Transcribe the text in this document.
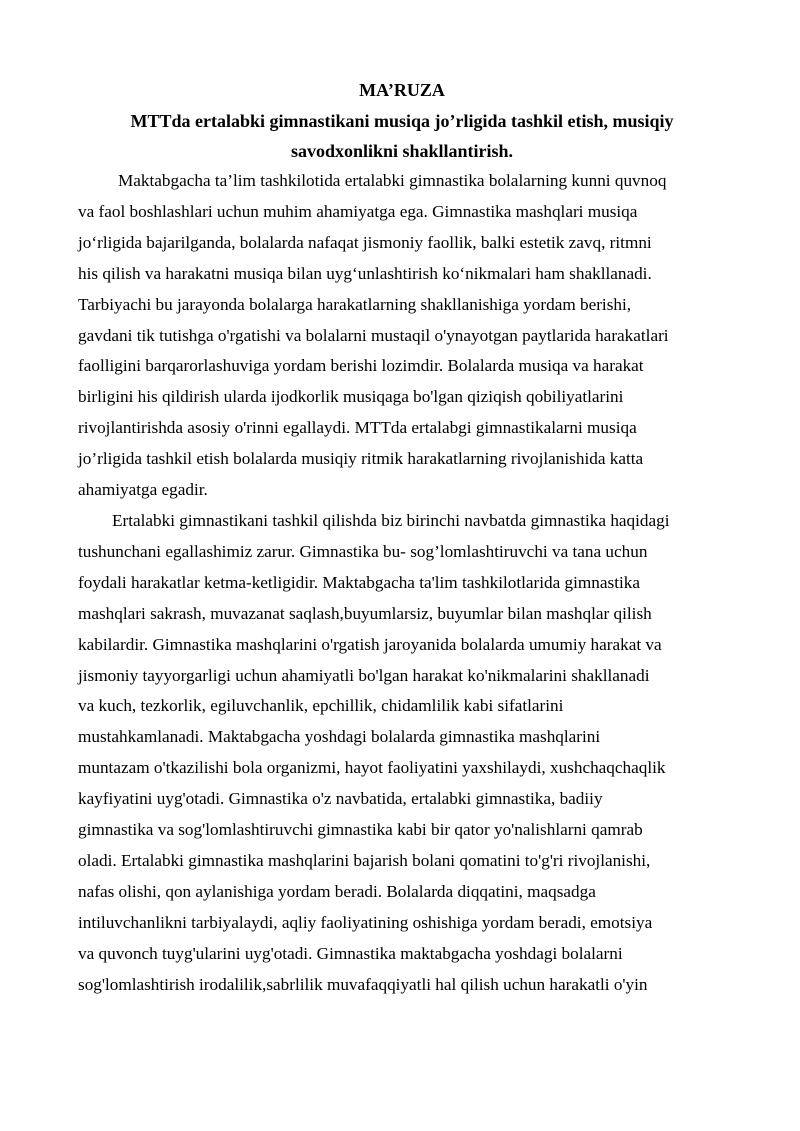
MA’RUZA

MTTda ertalabki gimnastikani musiqa jo’rligida tashkil etish, musiqiy
savodxonlikni shakllantirish.

Maktabgacha ta’lim tashkilotida ertalabki gimnastika bolalarning kunni quvnoq
va faol boshlashlari uchun muhim ahamiyatga ega. Gimnastika mashqlari musiqa
jo‘rligida bajarilganda, bolalarda nafaqat jismoniy faollik, balki estetik zavq, ritmni
his qilish va harakatni musiqa bilan uyg‘unlashtirish ko‘nikmalari ham shakllanadi.
Tarbiyachi bu jarayonda bolalarga harakatlarning shakllanishiga yordam berishi,
gavdani tik tutishga o'rgatishi va bolalarni mustaqil o'ynayotgan paytlarida harakatlari
faolligini barqarorlashuviga yordam berishi lozimdir. Bolalarda musiqa va harakat
birligini his qildirish ularda ijodkorlik musiqaga bo'lgan qiziqish qobiliyatlarini
rivojlantirishda asosiy o'rinni egallaydi. MTTda ertalabgi gimnastikalarni musiqa
jo’rligida tashkil etish bolalarda musiqiy ritmik harakatlarning rivojlanishida katta
ahamiyatga egadir.

Ertalabki gimnastikani tashkil qilishda biz birinchi navbatda gimnastika haqidagi
tushunchani egallashimiz zarur. Gimnastika bu- sog’lomlashtiruvchi va tana uchun
foydali harakatlar ketma-ketligidir. Maktabgacha ta'lim tashkilotlarida gimnastika
mashqlari sakrash, muvazanat saqlash,buyumlarsiz, buyumlar bilan mashqlar qilish
kabilardir. Gimnastika mashqlarini o'rgatish jaroyanida bolalarda umumiy harakat va
jismoniy tayyorgarligi uchun ahamiyatli bo'lgan harakat ko'nikmalarini shakllanadi
va kuch, tezkorlik, egiluvchanlik, epchillik, chidamlilik kabi sifatlarini
mustahkamlanadi. Maktabgacha yoshdagi bolalarda gimnastika mashqlarini
muntazam o'tkazilishi bola organizmi, hayot faoliyatini yaxshilaydi, xushchaqchaqlik
kayfiyatini uyg'otadi. Gimnastika o'z navbatida, ertalabki gimnastika, badiiy
gimnastika va sog'lomlashtiruvchi gimnastika kabi bir qator yo'nalishlarni qamrab
oladi. Ertalabki gimnastika mashqlarini bajarish bolani qomatini to'g'ri rivojlanishi,
nafas olishi, qon aylanishiga yordam beradi. Bolalarda diqqatini, maqsadga
intiluvchanlikni tarbiyalaydi, aqliy faoliyatining oshishiga yordam beradi, emotsiya
va quvonch tuyg'ularini uyg'otadi. Gimnastika maktabgacha yoshdagi bolalarni
sog'lomlashtirish irodalilik,sabrlilik muvafaqqiyatli hal qilish uchun harakatli o'yin
